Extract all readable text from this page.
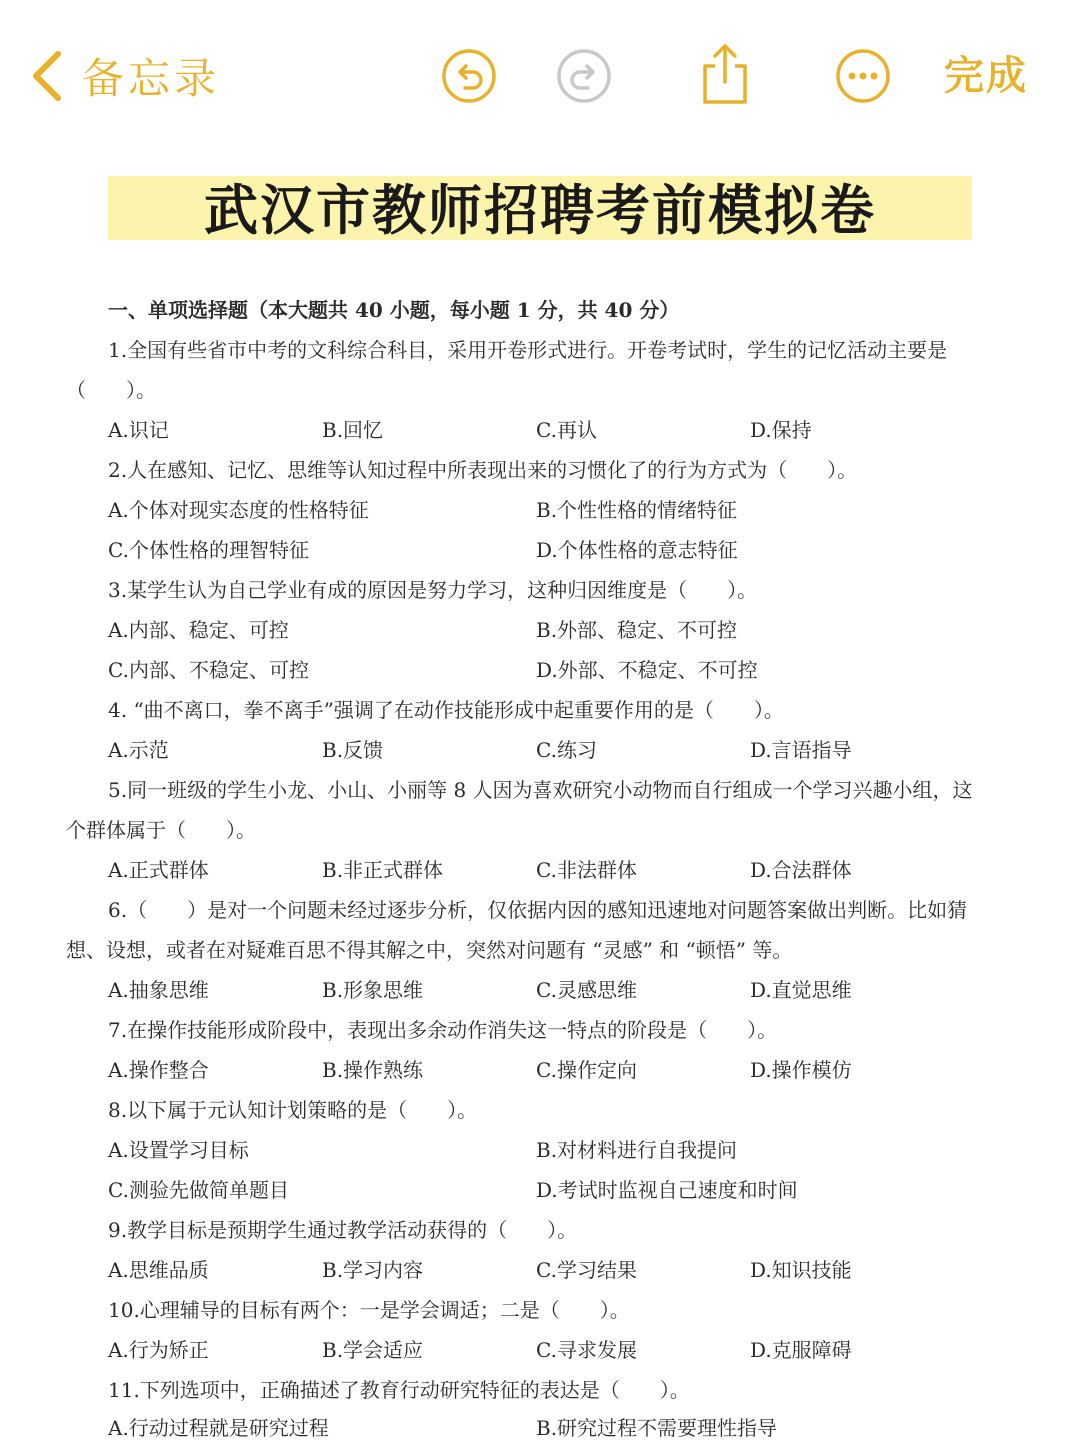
备忘录	完成
武汉市教师招聘考前模拟卷
一、单项选择题（本大题共 40 小题，每小题 1 分，共 40 分）
1.全国有些省市中考的文科综合科目，采用开卷形式进行。开卷考试时，学生的记忆活动主要是
（　　）。
A.识记	B.回忆	C.再认	D.保持
2.人在感知、记忆、思维等认知过程中所表现出来的习惯化了的行为方式为（　　）。
A.个体对现实态度的性格特征	B.个性性格的情绪特征
C.个体性格的理智特征	D.个体性格的意志特征
3.某学生认为自己学业有成的原因是努力学习，这种归因维度是（　　）。
A.内部、稳定、可控	B.外部、稳定、不可控
C.内部、不稳定、可控	D.外部、不稳定、不可控
4. “曲不离口，拳不离手”强调了在动作技能形成中起重要作用的是（　　）。
A.示范	B.反馈	C.练习	D.言语指导
5.同一班级的学生小龙、小山、小丽等 8 人因为喜欢研究小动物而自行组成一个学习兴趣小组，这
个群体属于（　　）。
A.正式群体	B.非正式群体	C.非法群体	D.合法群体
6.（　　）是对一个问题未经过逐步分析，仅依据内因的感知迅速地对问题答案做出判断。比如猜
想、设想，或者在对疑难百思不得其解之中，突然对问题有 “灵感” 和 “顿悟” 等。
A.抽象思维	B.形象思维	C.灵感思维	D.直觉思维
7.在操作技能形成阶段中，表现出多余动作消失这一特点的阶段是（　　）。
A.操作整合	B.操作熟练	C.操作定向	D.操作模仿
8.以下属于元认知计划策略的是（　　）。
A.设置学习目标	B.对材料进行自我提问
C.测验先做简单题目	D.考试时监视自己速度和时间
9.教学目标是预期学生通过教学活动获得的（　　）。
A.思维品质	B.学习内容	C.学习结果	D.知识技能
10.心理辅导的目标有两个：一是学会调适；二是（　　）。
A.行为矫正	B.学会适应	C.寻求发展	D.克服障碍
11.下列选项中，正确描述了教育行动研究特征的表达是（　　）。
A.行动过程就是研究过程	B.研究过程不需要理性指导
